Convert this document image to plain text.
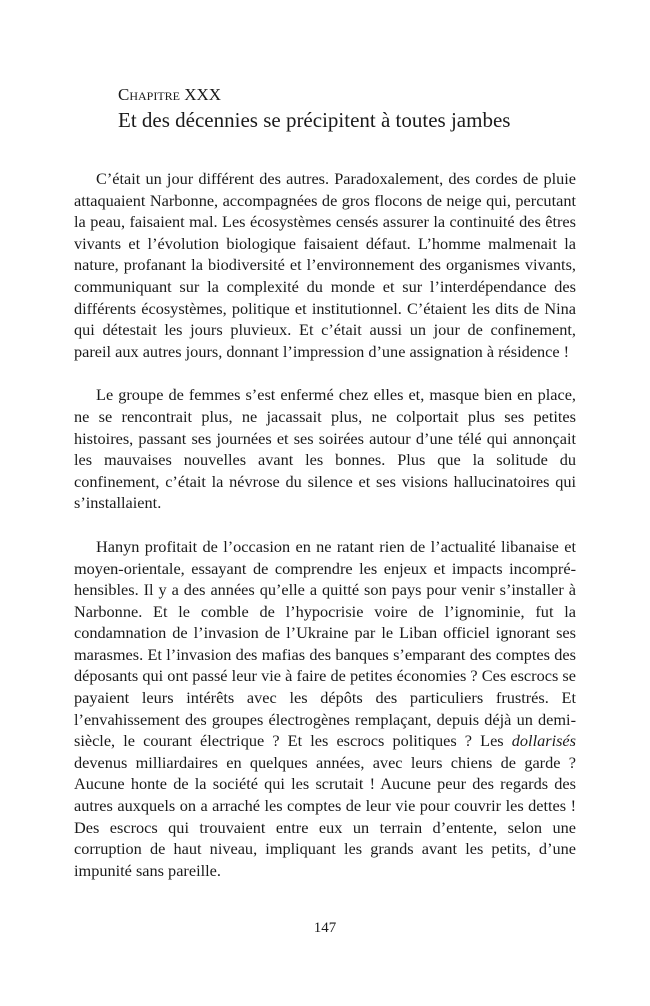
Chapitre XXX
Et des décennies se précipitent à toutes jambes

C’était un jour différent des autres. Paradoxalement, des cordes de pluie attaquaient Narbonne, accompagnées de gros flocons de neige qui, percutant la peau, faisaient mal. Les écosystèmes censés assurer la continuité des êtres vivants et l’évolution biologique faisaient défaut. L’homme malmenait la nature, profanant la biodiversité et l’environnement des organismes vivants, communiquant sur la complexité du monde et sur l’interdépendance des différents écosystèmes, politique et institutionnel. C’étaient les dits de Nina qui détestait les jours pluvieux. Et c’était aussi un jour de confinement, pareil aux autres jours, donnant l’impression d’une assignation à résidence !

Le groupe de femmes s’est enfermé chez elles et, masque bien en place, ne se rencontrait plus, ne jacassait plus, ne colportait plus ses petites histoires, passant ses journées et ses soirées autour d’une télé qui annonçait les mauvaises nouvelles avant les bonnes. Plus que la solitude du confinement, c’était la névrose du silence et ses visions hallucinatoires qui s’installaient.

Hanyn profitait de l’occasion en ne ratant rien de l’actualité libanaise et moyen-orientale, essayant de comprendre les enjeux et impacts incompréhensibles. Il y a des années qu’elle a quitté son pays pour venir s’installer à Narbonne. Et le comble de l’hypocrisie voire de l’ignominie, fut la condamnation de l’invasion de l’Ukraine par le Liban officiel ignorant ses marasmes. Et l’invasion des mafias des banques s’emparant des comptes des déposants qui ont passé leur vie à faire de petites économies ? Ces escrocs se payaient leurs intérêts avec les dépôts des particuliers frustrés. Et l’envahissement des groupes électrogènes remplaçant, depuis déjà un demi-siècle, le courant électrique ? Et les escrocs politiques ? Les dollarisés devenus milliardaires en quelques années, avec leurs chiens de garde ? Aucune honte de la société qui les scrutait ! Aucune peur des regards des autres auxquels on a arraché les comptes de leur vie pour couvrir les dettes ! Des escrocs qui trouvaient entre eux un terrain d’entente, selon une corruption de haut niveau, impliquant les grands avant les petits, d’une impunité sans pareille.

147
